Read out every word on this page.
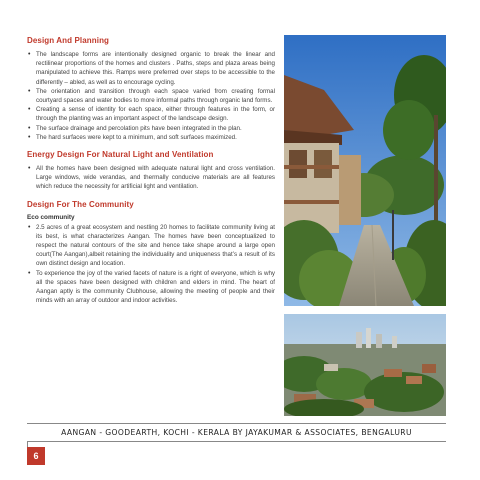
Design And Planning
• The landscape forms are intentionally designed organic to break the linear and rectilinear proportions of the homes and clusters . Paths, steps and plaza areas being manipulated to achieve this. Ramps were preferred over steps to be accessible to the differently – abled, as well as to encourage cycling.
• The orientation and transition through each space varied from creating formal courtyard spaces and water bodies to more informal paths through organic land forms.
• Creating a sense of identity for each space, either through features in the form, or through the planting was an important aspect of the landscape design.
• The surface drainage and percolation pits have been integrated in the plan.
• The hard surfaces were kept to a minimum, and soft surfaces maximized.
Energy Design For Natural Light and Ventilation
• All the homes have been designed with adequate natural light and cross ventilation. Large windows, wide verandas, and thermally conducive materials are all features which reduce the necessity for artificial light and ventilation.
Design For The Community
Eco community
• 2.5 acres of a great ecosystem and nestling 20 homes to facilitate community living at its best, is what characterizes Aangan. The homes have been conceptualized to respect the natural contours of the site and hence take shape around a large open court(The Aangan),albeit retaining the individuality and uniqueness that’s a result of its own distinct design and location.
• To experience the joy of the varied facets of nature is a right of everyone, which is why all the spaces have been designed with children and elders in mind. The heart of Aangan aptly is the community Clubhouse, allowing the meeting of people and their minds with an array of outdoor and indoor activities.
AANGAN - GOODEARTH, KOCHI - KERALA BY JAYAKUMAR & ASSOCIATES, BENGALURU
6
